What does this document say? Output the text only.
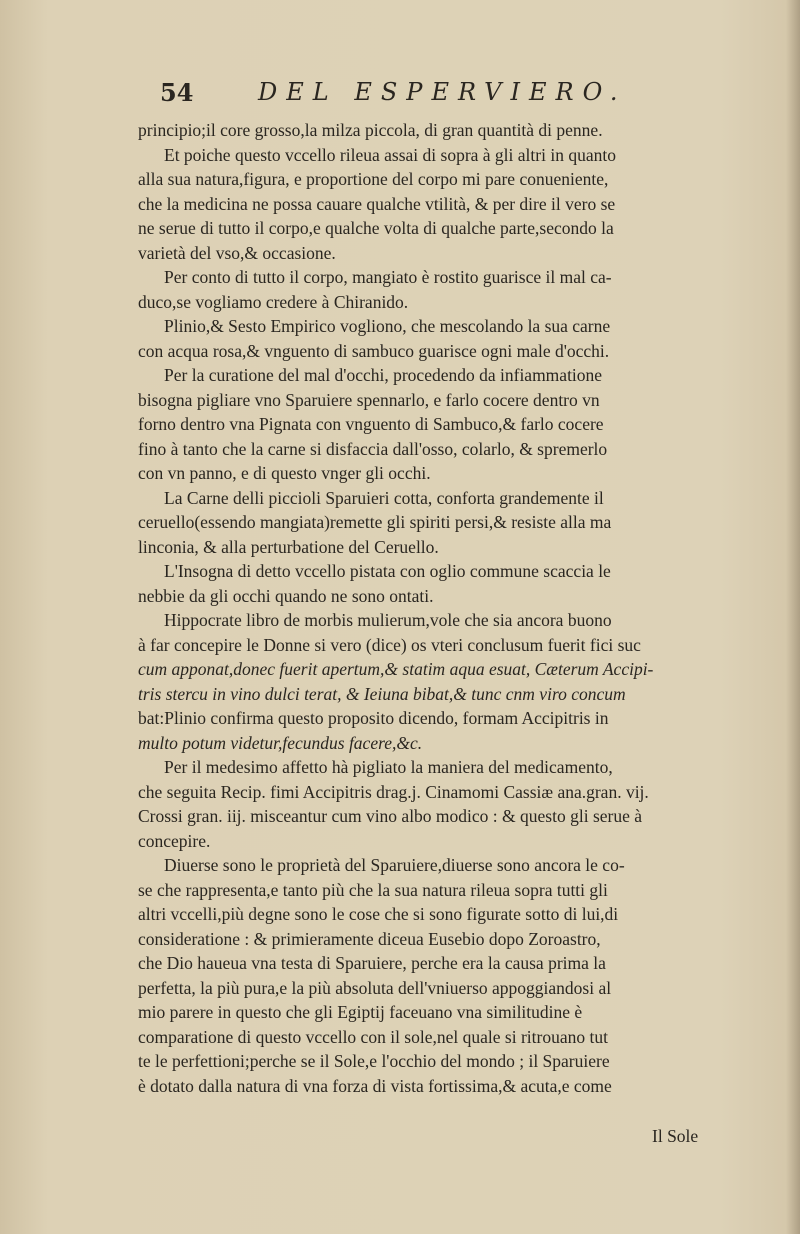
54	DEL ESPERVIERO.
principio;il core grosso,la milza piccola, di gran quantità di penne.
Et poiche questo vccello rileua assai di sopra à gli altri in quanto
alla sua natura,figura, e proportione del corpo mi pare conueniente,
che la medicina ne possa cauare qualche vtilità, & per dire il vero se
ne serue di tutto il corpo,e qualche volta di qualche parte,secondo la
varietà del vso,& occasione.
Per conto di tutto il corpo, mangiato è rostito guarisce il mal ca-
duco,se vogliamo credere à Chiranido.
Plinio,& Sesto Empirico vogliono, che mescolando la sua carne
con acqua rosa,& vnguento di sambuco guarisce ogni male d'occhi.
Per la curatione del mal d'occhi, procedendo da infiammatione
bisogna pigliare vno Sparuiere spennarlo, e farlo cocere dentro vn
forno dentro vna Pignata con vnguento di Sambuco,& farlo cocere
fino à tanto che la carne si disfaccia dall'osso, colarlo, & spremerlo
con vn panno, e di questo vnger gli occhi.
La Carne delli piccioli Sparuieri cotta, conforta grandemente il
ceruello(essendo mangiata)remette gli spiriti persi,& resiste alla ma
linconia, & alla perturbatione del Ceruello.
L'Insogna di detto vccello pistata con oglio commune scaccia le
nebbie da gli occhi quando ne sono ontati.
Hippocrate libro de morbis mulierum,vole che sia ancora buono
à far concepire le Donne si vero (dice) os vteri conclusum fuerit fici suc
cum apponat,donec fuerit apertum,& statim aqua esuat, Cæterum Accipi-
tris stercu in vino dulci terat, & Ieiuna bibat,& tunc cnm viro concum
bat:Plinio confirma questo proposito dicendo, formam Accipitris in
multo potum videtur,fecundus facere,&c.
Per il medesimo affetto hà pigliato la maniera del medicamento,
che seguita Recip. fimi Accipitris drag.j. Cinamomi Cassiæ ana.gran. vij.
Crossi gran. iij. misceantur cum vino albo modico : & questo gli serue à
concepire.
Diuerse sono le proprietà del Sparuiere,diuerse sono ancora le co-
se che rappresenta,e tanto più che la sua natura rileua sopra tutti gli
altri vccelli,più degne sono le cose che si sono figurate sotto di lui,di
consideratione : & primieramente diceua Eusebio dopo Zoroastro,
che Dio haueua vna testa di Sparuiere, perche era la causa prima la
perfetta, la più pura,e la più absoluta dell'vniuerso appoggiandosi al
mio parere in questo che gli Egiptij faceuano vna similitudine è
comparatione di questo vccello con il sole,nel quale si ritrouano tut
te le perfettioni;perche se il Sole,e l'occhio del mondo ; il Sparuiere
è dotato dalla natura di vna forza di vista fortissima,& acuta,e come
Il Sole
